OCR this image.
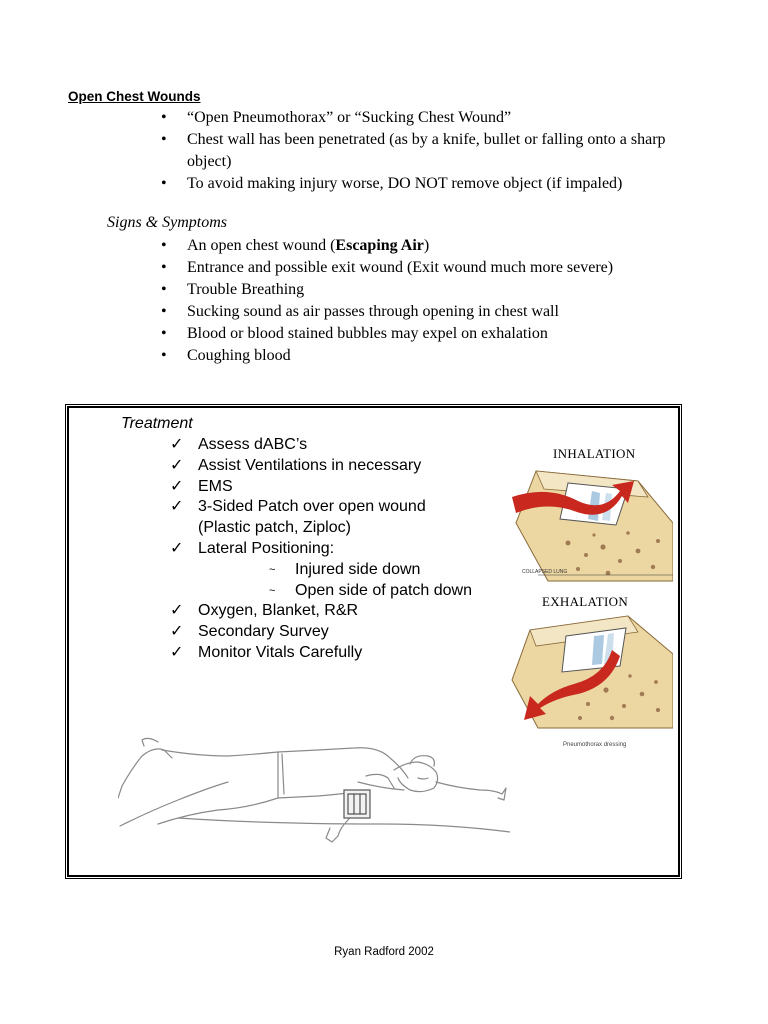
Open Chest Wounds
• “Open Pneumothorax” or “Sucking Chest Wound”
• Chest wall has been penetrated (as by a knife, bullet or falling onto a sharp object)
• To avoid making injury worse, DO NOT remove object (if impaled)
Signs & Symptoms
• An open chest wound (Escaping Air)
• Entrance and possible exit wound (Exit wound much more severe)
• Trouble Breathing
• Sucking sound as air passes through opening in chest wall
• Blood or blood stained bubbles may expel on exhalation
• Coughing blood
Treatment
✓ Assess dABC’s
✓ Assist Ventilations in necessary
✓ EMS
✓ 3-Sided Patch over open wound
(Plastic patch, Ziploc)
✓ Lateral Positioning:
~ Injured side down
~ Open side of patch down
✓ Oxygen, Blanket, R&R
✓ Secondary Survey
✓ Monitor Vitals Carefully
INHALATION
EXHALATION
COLLAPSED LUNG
Pneumothorax dressing
Ryan Radford 2002
